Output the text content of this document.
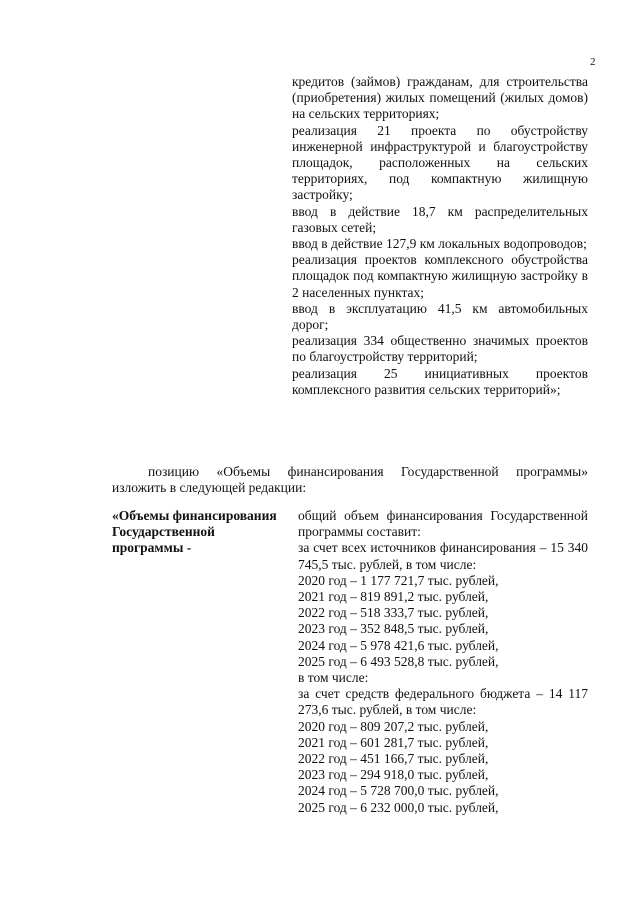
2

кредитов (займов) гражданам, для строительства (приобретения) жилых помещений (жилых домов) на сельских территориях;

реализация 21 проекта по обустройству инженерной инфраструктурой и благоустройству площадок, расположенных на сельских территориях, под компактную жилищную застройку;

ввод в действие 18,7 км распределительных газовых сетей;

ввод в действие 127,9 км локальных водопроводов;

реализация проектов комплексного обустройства площадок под компактную жилищную застройку в 2 населенных пунктах;

ввод в эксплуатацию 41,5 км автомобильных дорог;

реализация 334 общественно значимых проектов по благоустройству территорий;

реализация 25 инициативных проектов комплексного развития сельских территорий»;

позицию «Объемы финансирования Государственной программы» изложить в следующей редакции:
«Объемы финансирования Государственной программы -

общий объем финансирования Государственной программы составит:

за счет всех источников финансирования – 15 340 745,5 тыс. рублей, в том числе:

2020 год – 1 177 721,7 тыс. рублей,
2021 год – 819 891,2 тыс. рублей,
2022 год – 518 333,7 тыс. рублей,
2023 год – 352 848,5 тыс. рублей,
2024 год – 5 978 421,6 тыс. рублей,
2025 год – 6 493 528,8 тыс. рублей,
в том числе:

за счет средств федерального бюджета – 14 117 273,6 тыс. рублей, в том числе:

2020 год – 809 207,2 тыс. рублей,
2021 год – 601 281,7 тыс. рублей,
2022 год – 451 166,7 тыс. рублей,
2023 год – 294 918,0 тыс. рублей,
2024 год – 5 728 700,0 тыс. рублей,
2025 год – 6 232 000,0 тыс. рублей,
